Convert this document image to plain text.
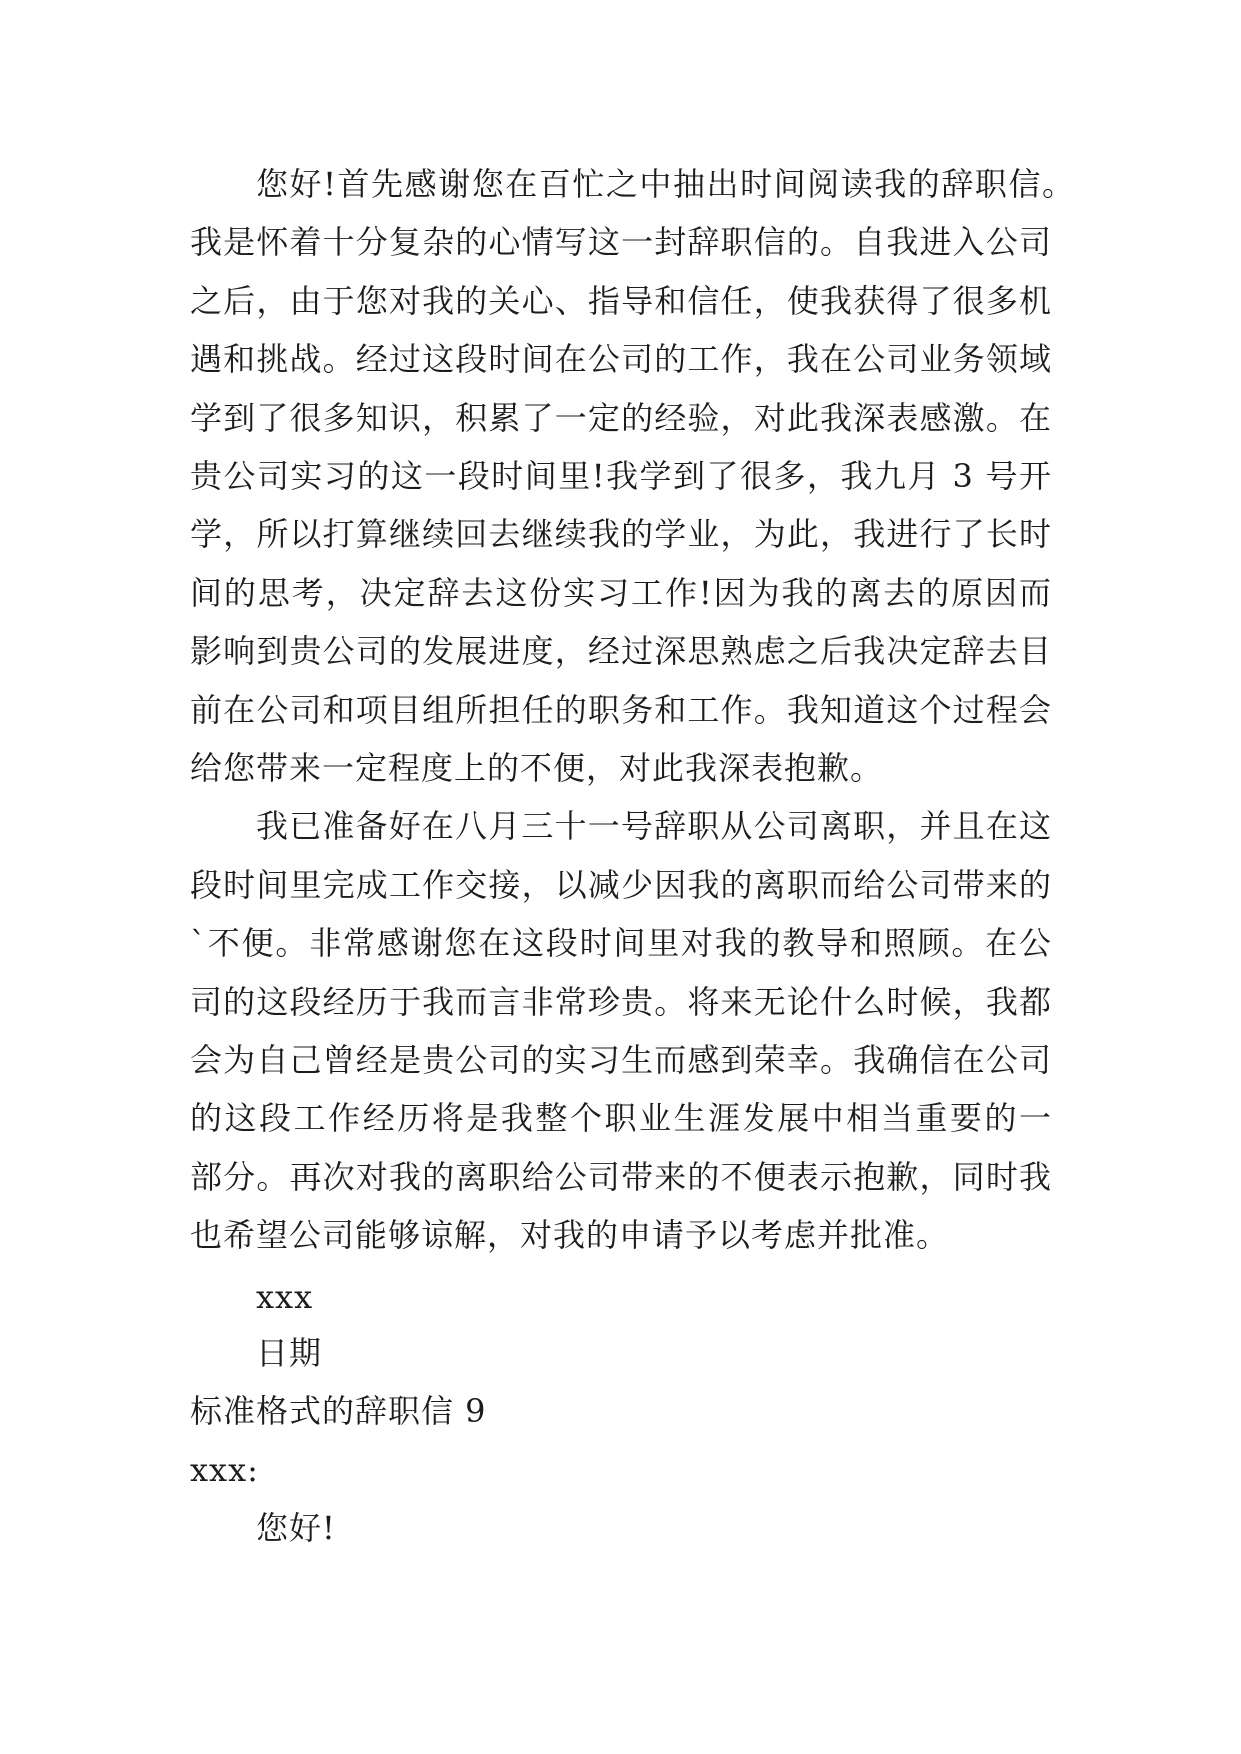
您好!首先感谢您在百忙之中抽出时间阅读我的辞职信。
我是怀着十分复杂的心情写这一封辞职信的。自我进入公司
之后，由于您对我的关心、指导和信任，使我获得了很多机
遇和挑战。经过这段时间在公司的工作，我在公司业务领域
学到了很多知识，积累了一定的经验，对此我深表感激。在
贵公司实习的这一段时间里!我学到了很多，我九月 3 号开
学，所以打算继续回去继续我的学业，为此，我进行了长时
间的思考，决定辞去这份实习工作!因为我的离去的原因而
影响到贵公司的发展进度，经过深思熟虑之后我决定辞去目
前在公司和项目组所担任的职务和工作。我知道这个过程会
给您带来一定程度上的不便，对此我深表抱歉。
我已准备好在八月三十一号辞职从公司离职，并且在这
段时间里完成工作交接，以减少因我的离职而给公司带来的
`不便。非常感谢您在这段时间里对我的教导和照顾。在公
司的这段经历于我而言非常珍贵。将来无论什么时候，我都
会为自己曾经是贵公司的实习生而感到荣幸。我确信在公司
的这段工作经历将是我整个职业生涯发展中相当重要的一
部分。再次对我的离职给公司带来的不便表示抱歉，同时我
也希望公司能够谅解，对我的申请予以考虑并批准。
xxx
日期
标准格式的辞职信 9
xxx:
您好!
